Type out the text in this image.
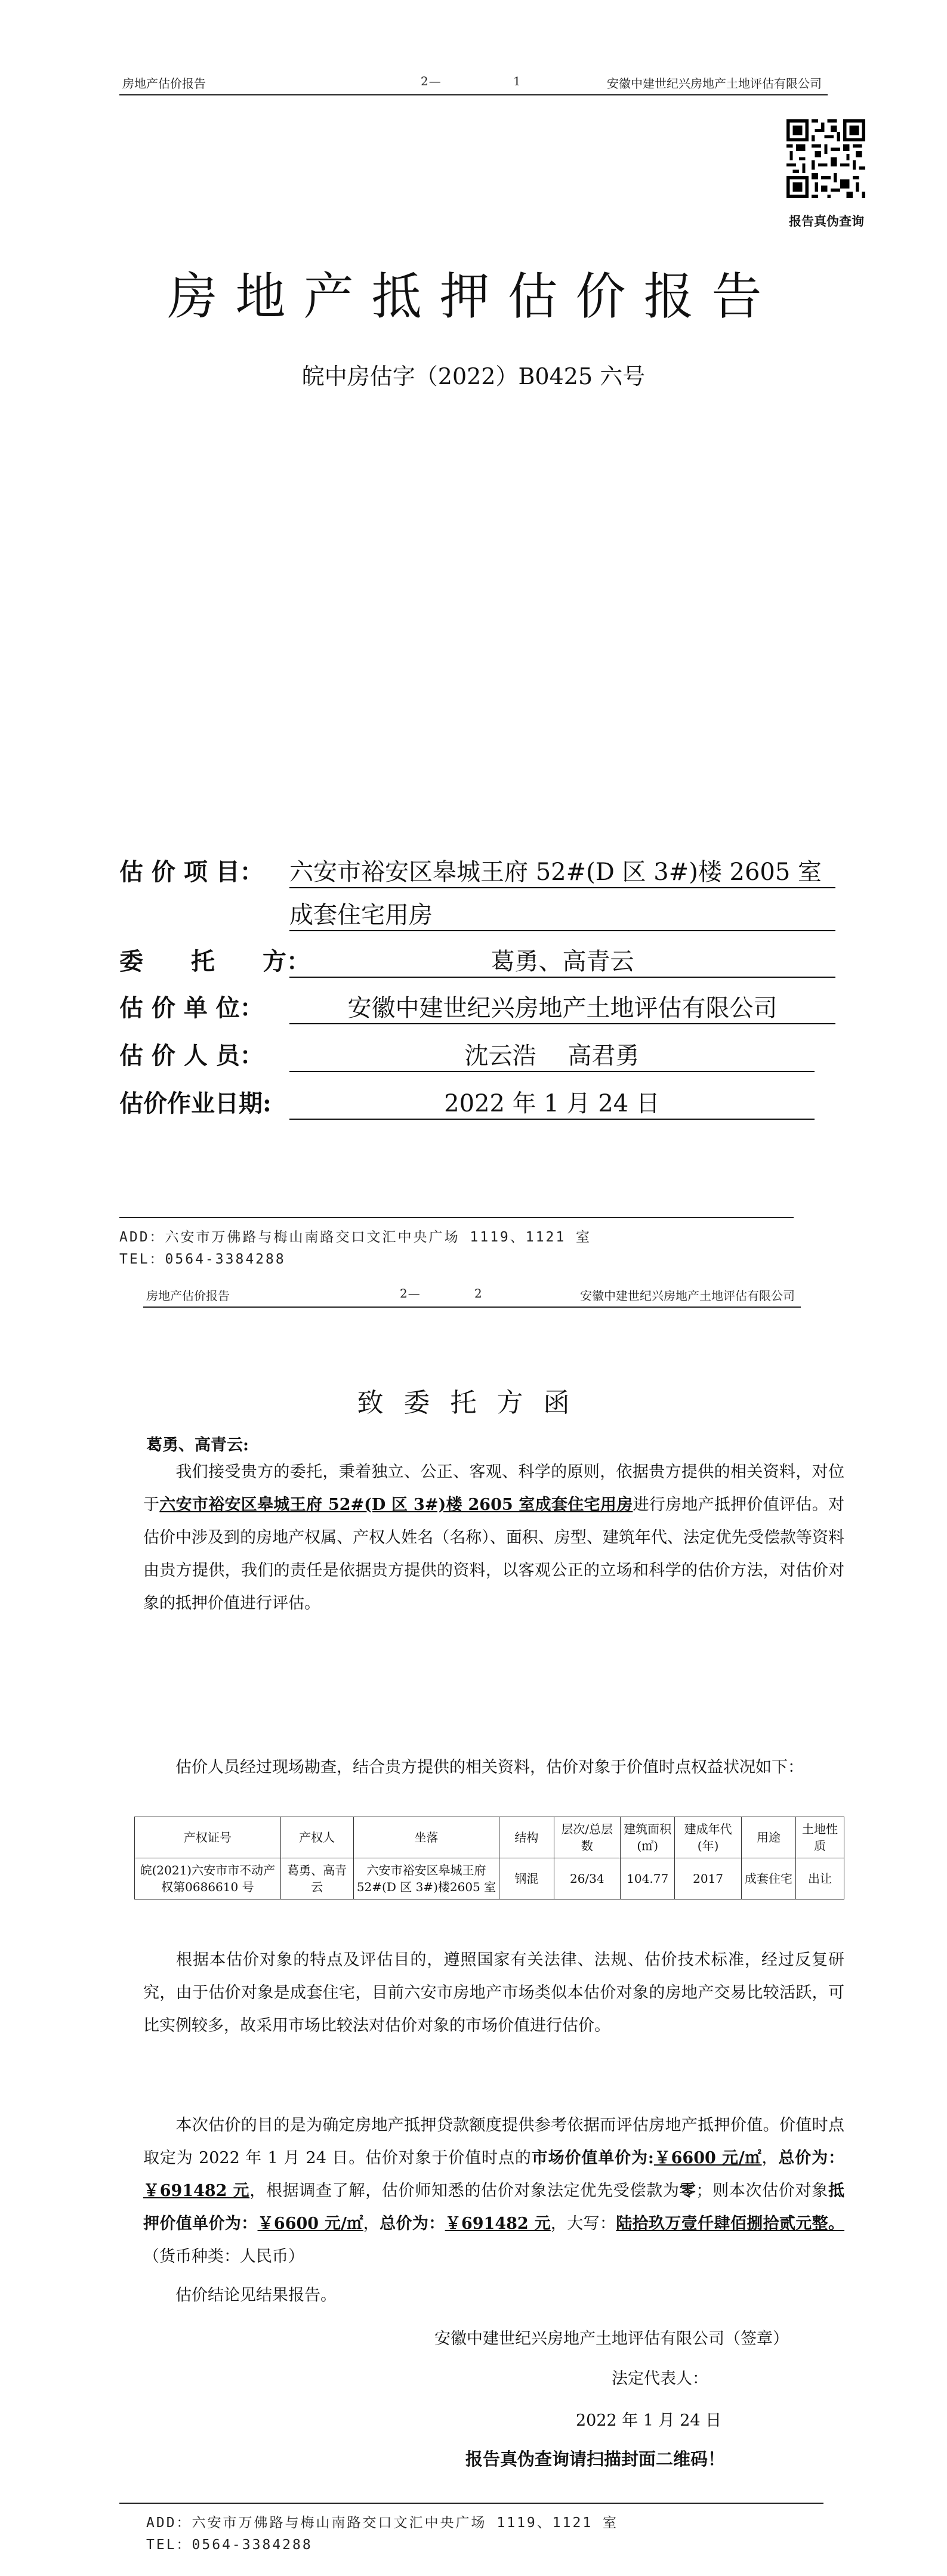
房地产估价报告	2—	1	安徽中建世纪兴房地产土地评估有限公司
报告真伪查询
房地产抵押估价报告
皖中房估字（2022）B0425 六号
估 价 项 目： 六安市裕安区皋城王府 52#(D 区 3#)楼 2605 室
成套住宅用房
委　　托　　方：	葛勇、高青云
估 价 单 位：	安徽中建世纪兴房地产土地评估有限公司
估 价 人 员：	沈云浩　 高君勇
估价作业日期:	2022 年 1 月 24 日
ADD：六安市万佛路与梅山南路交口文汇中央广场 1119、1121 室
TEL：0564-3384288
房地产估价报告	2—	2	安徽中建世纪兴房地产土地评估有限公司
致委托方函
葛勇、高青云:
我们接受贵方的委托，秉着独立、公正、客观、科学的原则，依据贵方提供的相关资料，对位于六安市裕安区皋城王府 52#(D 区 3#)楼 2605 室成套住宅用房进行房地产抵押价值评估。对估价中涉及到的房地产权属、产权人姓名（名称）、面积、房型、建筑年代、法定优先受偿款等资料由贵方提供，我们的责任是依据贵方提供的资料，以客观公正的立场和科学的估价方法，对估价对象的抵押价值进行评估。
估价人员经过现场勘查，结合贵方提供的相关资料，估价对象于价值时点权益状况如下：
产权证号	产权人	坐落	结构	层次/总层数	建筑面积(㎡)	建成年代(年)	用途	土地性质
皖(2021)六安市市不动产权第0686610 号	葛勇、高青云	六安市裕安区皋城王府 52#(D 区 3#)楼2605 室	钢混	26/34	104.77	2017	成套住宅	出让
根据本估价对象的特点及评估目的，遵照国家有关法律、法规、估价技术标准，经过反复研究，由于估价对象是成套住宅，目前六安市房地产市场类似本估价对象的房地产交易比较活跃，可比实例较多，故采用市场比较法对估价对象的市场价值进行估价。
本次估价的目的是为确定房地产抵押贷款额度提供参考依据而评估房地产抵押价值。价值时点取定为 2022 年 1 月 24 日。估价对象于价值时点的市场价值单价为:￥6600 元/㎡，总价为：￥691482 元，根据调查了解，估价师知悉的估价对象法定优先受偿款为零；则本次估价对象抵押价值单价为：￥6600 元/㎡，总价为：￥691482 元，大写：陆拾玖万壹仟肆佰捌拾贰元整。（货币种类：人民币）
估价结论见结果报告。
安徽中建世纪兴房地产土地评估有限公司（签章）
法定代表人：
2022 年 1 月 24 日
报告真伪查询请扫描封面二维码！
ADD：六安市万佛路与梅山南路交口文汇中央广场 1119、1121 室
TEL：0564-3384288
